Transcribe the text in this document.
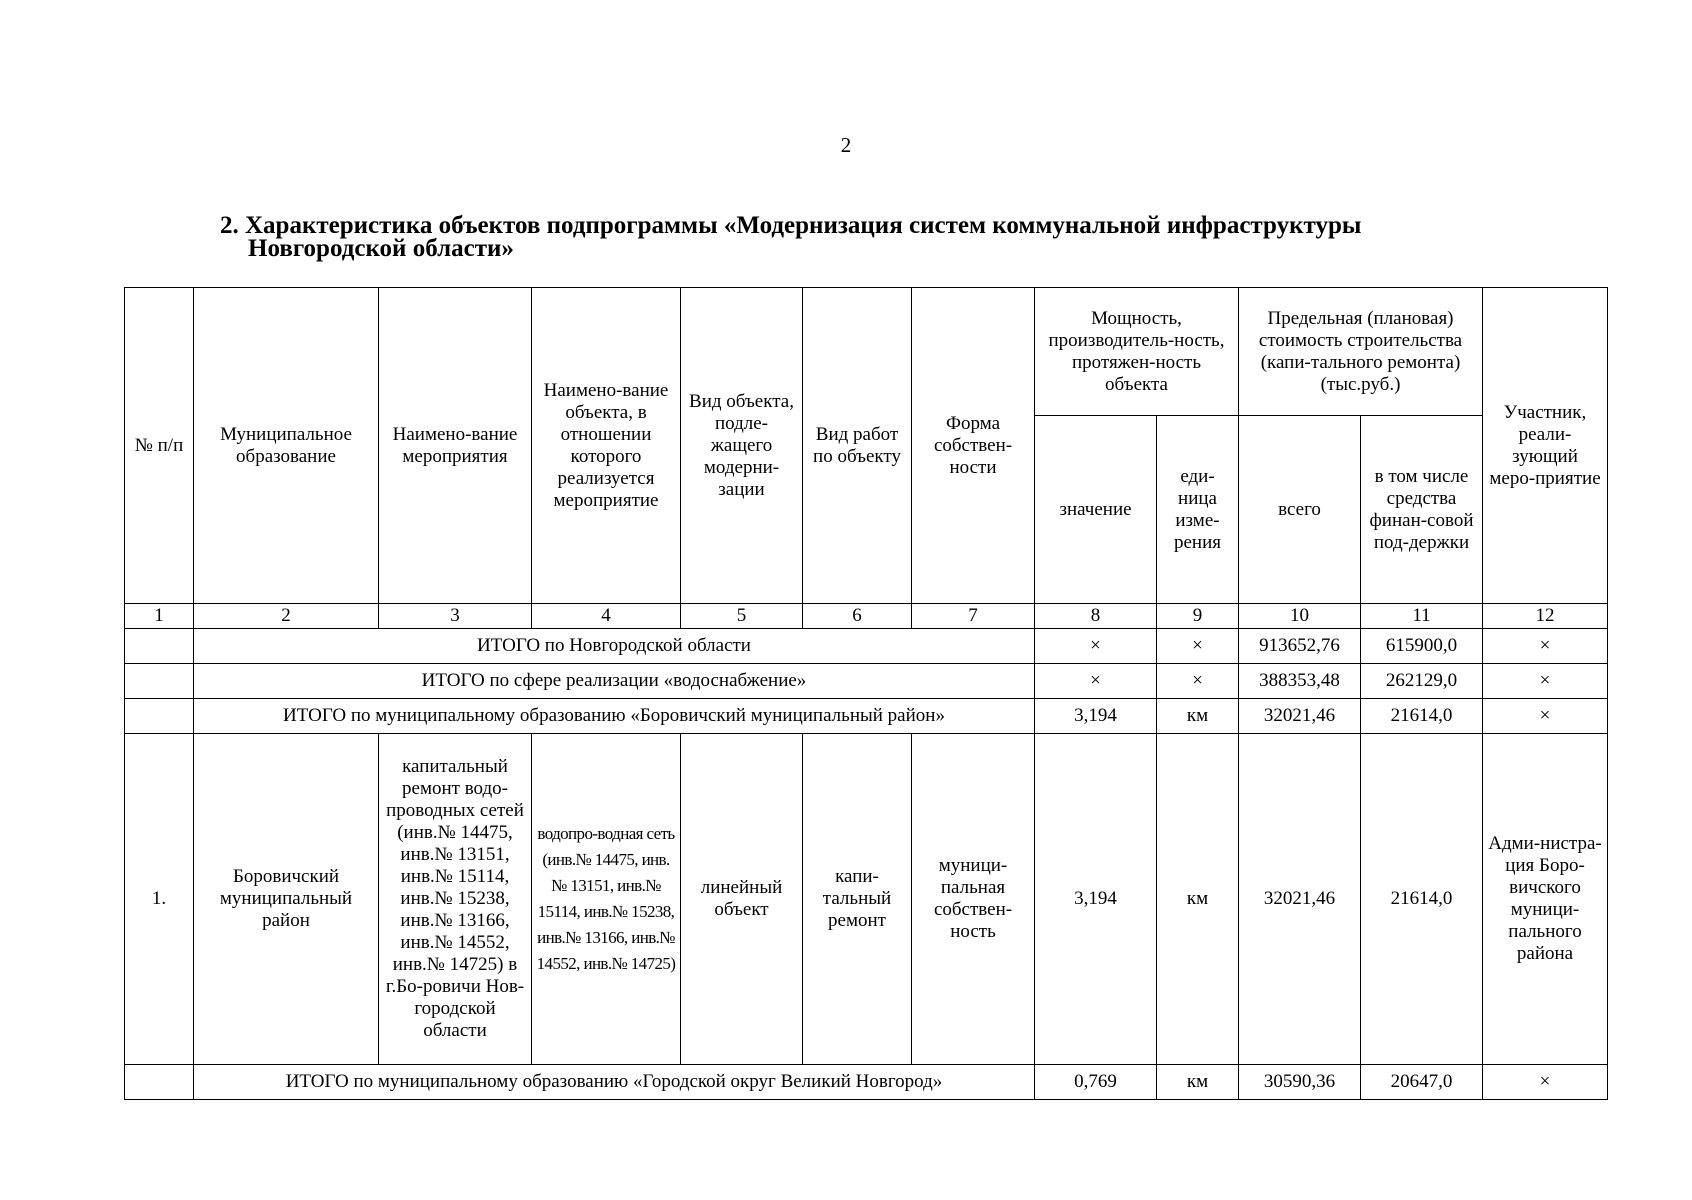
2
2. Характеристика объектов подпрограммы «Модернизация систем коммунальной инфраструктуры
Новгородской области»
№ п/п	Муниципальное образование	Наимено-вание мероприятия	Наимено-вание объекта, в отношении которого реализуется мероприятие	Вид объекта, подле-жащего модерни-зации	Вид работ по объекту	Форма собствен-ности	Мощность, производитель-ность, протяжен-ность объекта		Предельная (плановая) стоимость строительства (капи-тального ремонта) (тыс.руб.)		Участник, реали-зующий меро-приятие
							значение	еди-ница изме-рения	всего	в том числе средства финан-совой под-держки	
1	2	3	4	5	6	7	8	9	10	11	12
	ИТОГО по Новгородской области						×	×	913652,76	615900,0	×
	ИТОГО по сфере реализации «водоснабжение»						×	×	388353,48	262129,0	×
	ИТОГО по муниципальному образованию «Боровичский муниципальный район»						3,194	км	32021,46	21614,0	×
1.	Боровичский муниципальный район	капитальный ремонт водо-проводных сетей (инв.№ 14475, инв.№ 13151, инв.№ 15114, инв.№ 15238, инв.№ 13166, инв.№ 14552, инв.№ 14725) в г.Бо-ровичи Нов-городской области	водопро-водная сеть (инв.№ 14475, инв.№ 13151, инв.№ 15114, инв.№ 15238, инв.№ 13166, инв.№ 14552, инв.№ 14725)	линейный объект	капи-тальный ремонт	муници-пальная собствен-ность	3,194	км	32021,46	21614,0	Адми-нистра-ция Боро-вичского муници-пального района
	ИТОГО по муниципальному образованию «Городской округ Великий Новгород»						0,769	км	30590,36	20647,0	×
